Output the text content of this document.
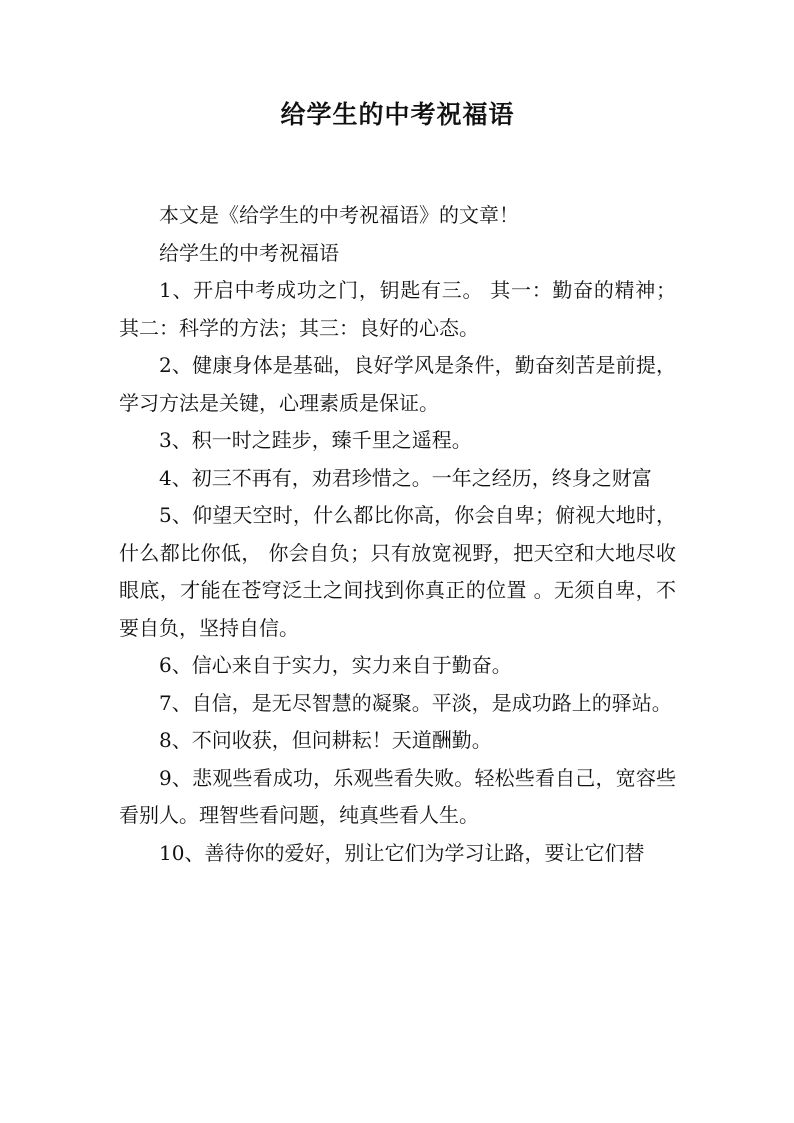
给学生的中考祝福语

本文是《给学生的中考祝福语》的文章！

给学生的中考祝福语

1、开启中考成功之门，钥匙有三。 其一：勤奋的精神；其二：科学的方法；其三：良好的心态。

2、健康身体是基础，良好学风是条件，勤奋刻苦是前提，学习方法是关键，心理素质是保证。

3、积一时之跬步，臻千里之遥程。

4、初三不再有，劝君珍惜之。一年之经历，终身之财富

5、仰望天空时，什么都比你高，你会自卑；俯视大地时，什么都比你低， 你会自负；只有放宽视野，把天空和大地尽收眼底，才能在苍穹泛土之间找到你真正的位置 。无须自卑，不要自负，坚持自信。

6、信心来自于实力，实力来自于勤奋。

7、自信，是无尽智慧的凝聚。平淡，是成功路上的驿站。

8、不问收获，但问耕耘！天道酬勤。

9、悲观些看成功，乐观些看失败。轻松些看自己，宽容些看别人。理智些看问题，纯真些看人生。

10、善待你的爱好，别让它们为学习让路，要让它们替
